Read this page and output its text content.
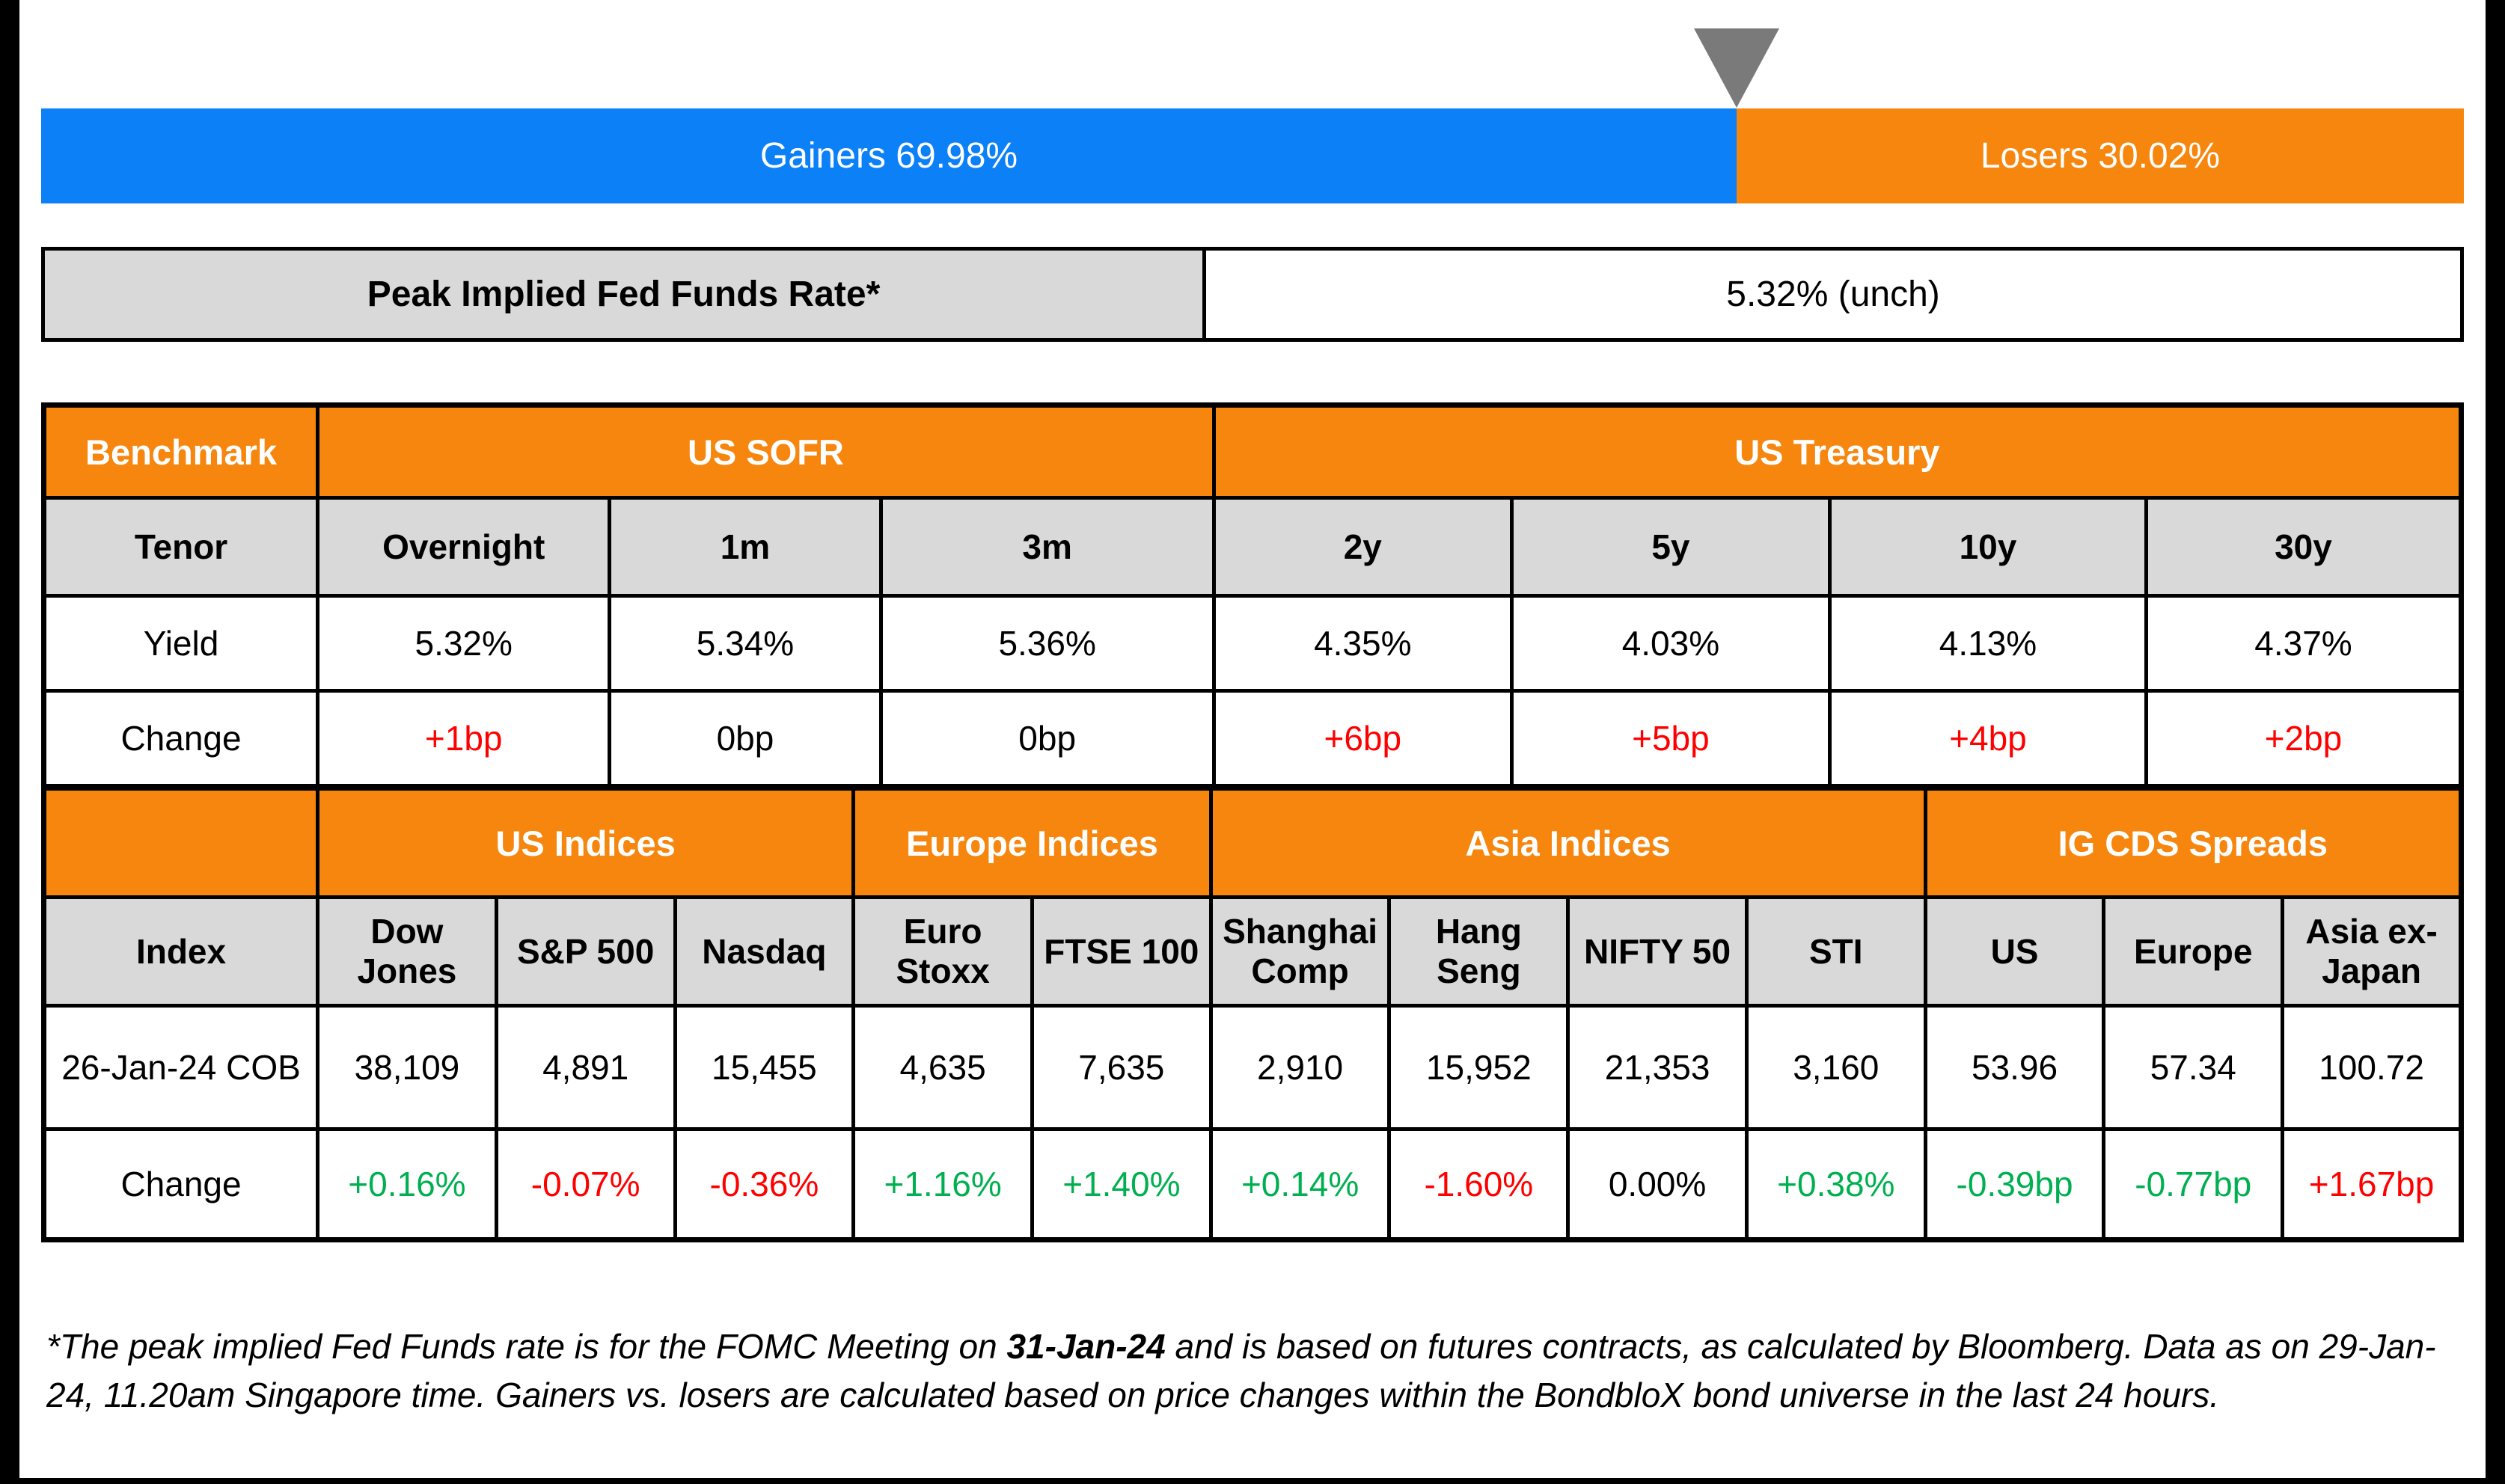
Gainers 69.98%	Losers 30.02%
Peak Implied Fed Funds Rate*	5.32% (unch)
Benchmark	US SOFR			US Treasury			
Tenor	Overnight	1m	3m	2y	5y	10y	30y
Yield	5.32%	5.34%	5.36%	4.35%	4.03%	4.13%	4.37%
Change	+1bp	0bp	0bp	+6bp	+5bp	+4bp	+2bp
	US Indices			Europe Indices		Asia Indices				IG CDS Spreads		
Index	Dow Jones	S&P 500	Nasdaq	Euro Stoxx	FTSE 100	Shanghai Comp	Hang Seng	NIFTY 50	STI	US	Europe	Asia ex-Japan
26-Jan-24 COB	38,109	4,891	15,455	4,635	7,635	2,910	15,952	21,353	3,160	53.96	57.34	100.72
Change	+0.16%	-0.07%	-0.36%	+1.16%	+1.40%	+0.14%	-1.60%	0.00%	+0.38%	-0.39bp	-0.77bp	+1.67bp

*The peak implied Fed Funds rate is for the FOMC Meeting on 31-Jan-24 and is based on futures contracts, as calculated by Bloomberg. Data as on 29-Jan-24, 11.20am Singapore time. Gainers vs. losers are calculated based on price changes within the BondbloX bond universe in the last 24 hours.
